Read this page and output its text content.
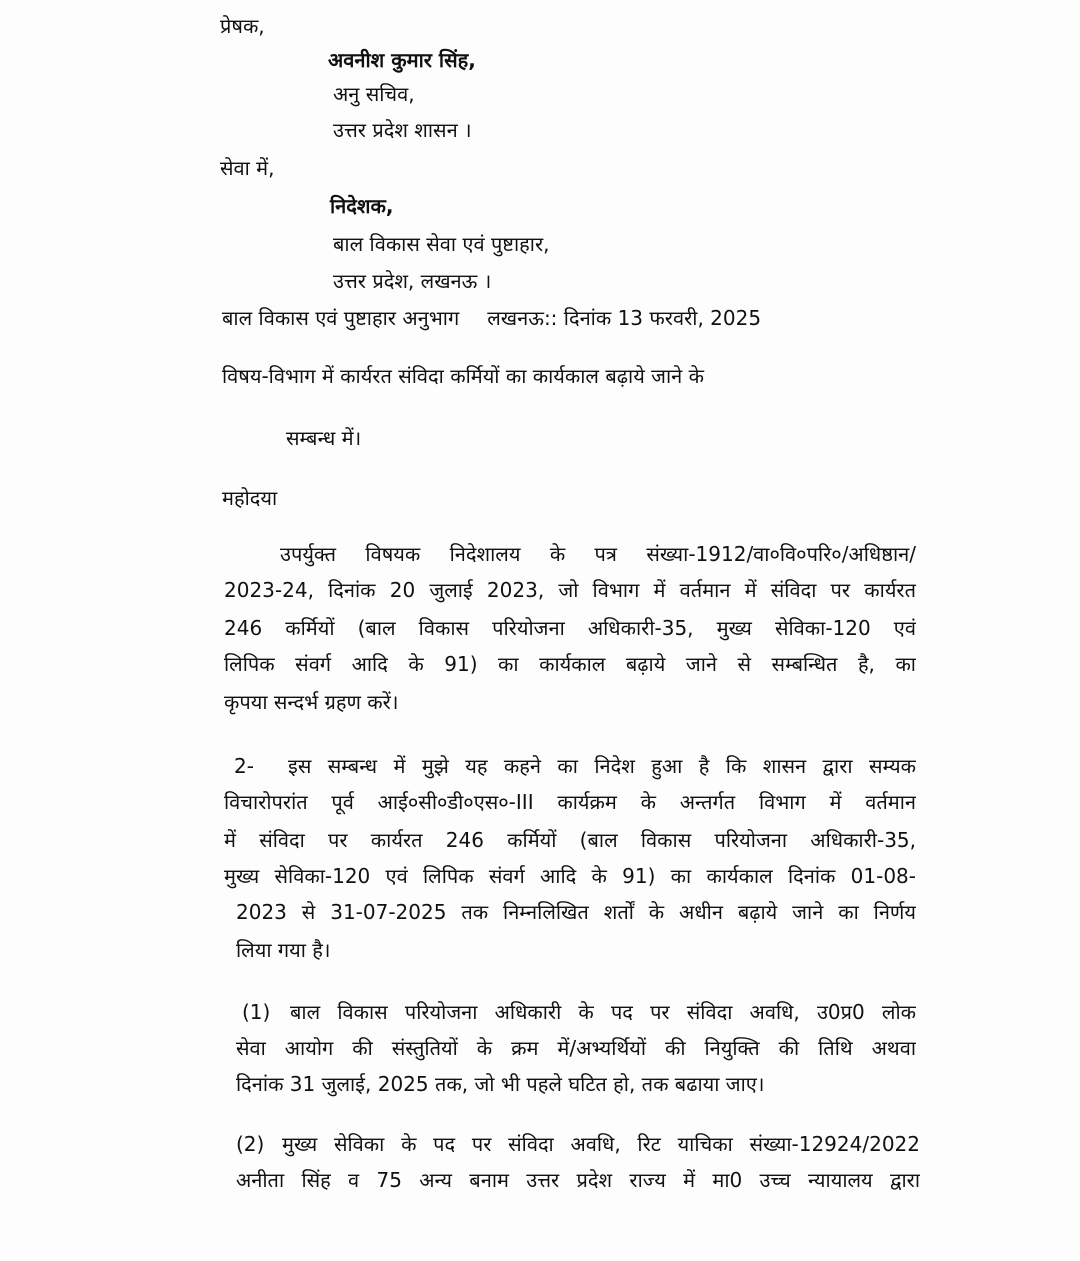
प्रेषक,
अवनीश कुमार सिंह,
अनु सचिव,
उत्तर प्रदेश शासन ।
सेवा में,
निदेशक,
बाल विकास सेवा एवं पुष्टाहार,
उत्तर प्रदेश, लखनऊ ।
बाल विकास एवं पुष्टाहार अनुभाग लखनऊ:: दिनांक 13 फरवरी, 2025
विषय-विभाग में कार्यरत संविदा कर्मियों का कार्यकाल बढ़ाये जाने के
सम्बन्ध में।
महोदया
उपर्युक्त विषयक निदेशालय के पत्र संख्या-1912/वा०वि०परि०/अधिष्ठान/
2023-24, दिनांक 20 जुलाई 2023, जो विभाग में वर्तमान में संविदा पर कार्यरत
246 कर्मियों (बाल विकास परियोजना अधिकारी-35, मुख्य सेविका-120 एवं
लिपिक संवर्ग आदि के 91) का कार्यकाल बढ़ाये जाने से सम्बन्धित है, का
कृपया सन्दर्भ ग्रहण करें।
2- इस सम्बन्ध में मुझे यह कहने का निदेश हुआ है कि शासन द्वारा सम्यक
विचारोपरांत पूर्व आई०सी०डी०एस०-III कार्यक्रम के अन्तर्गत विभाग में वर्तमान
में संविदा पर कार्यरत 246 कर्मियों (बाल विकास परियोजना अधिकारी-35,
मुख्य सेविका-120 एवं लिपिक संवर्ग आदि के 91) का कार्यकाल दिनांक 01-08-
2023 से 31-07-2025 तक निम्नलिखित शर्तों के अधीन बढ़ाये जाने का निर्णय
लिया गया है।
(1) बाल विकास परियोजना अधिकारी के पद पर संविदा अवधि, उ0प्र0 लोक
सेवा आयोग की संस्तुतियों के क्रम में/अभ्यर्थियों की नियुक्ति की तिथि अथवा
दिनांक 31 जुलाई, 2025 तक, जो भी पहले घटित हो, तक बढाया जाए।
(2) मुख्य सेविका के पद पर संविदा अवधि, रिट याचिका संख्या-12924/2022
अनीता सिंह व 75 अन्य बनाम उत्तर प्रदेश राज्य में मा0 उच्च न्यायालय द्वारा
